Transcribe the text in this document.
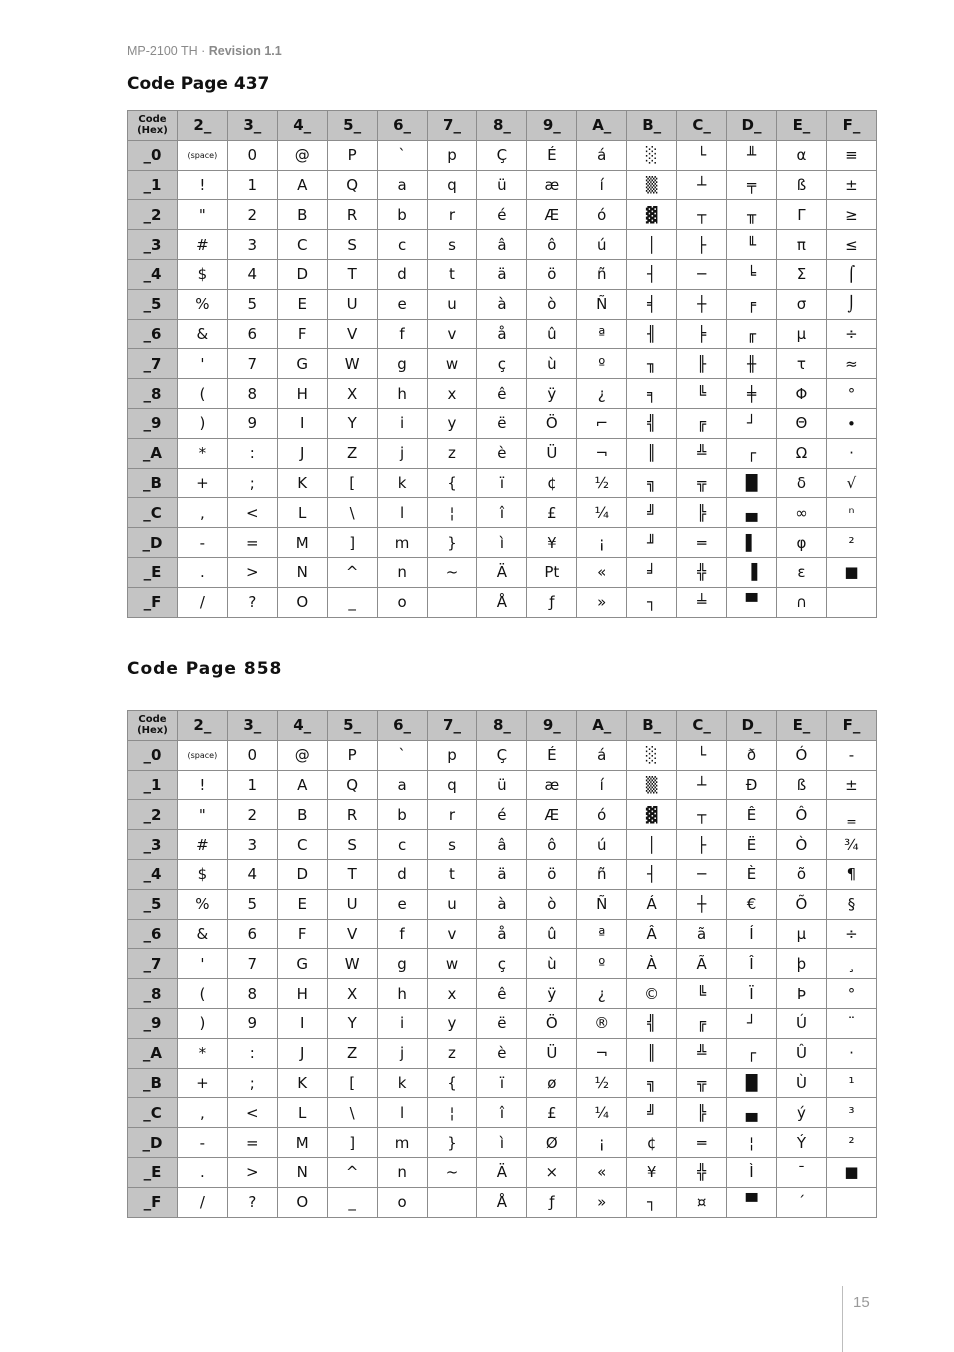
MP-2100 TH · Revision 1.1
Code Page 437
Code
(Hex)	2_	3_	4_	5_	6_	7_	8_	9_	A_	B_	C_	D_	E_	F_
_0	(space)	0	@	P	`	p	Ç	É	á	░	└	╨	α	≡
_1	!	1	A	Q	a	q	ü	æ	í	▒	┴	╤	ß	±
_2	"	2	B	R	b	r	é	Æ	ó	▓	┬	╥	Γ	≥
_3	#	3	C	S	c	s	â	ô	ú	│	├	╙	π	≤
_4	$	4	D	T	d	t	ä	ö	ñ	┤	─	╘	Σ	⌠
_5	%	5	E	U	e	u	à	ò	Ñ	╡	┼	╒	σ	⌡
_6	&	6	F	V	f	v	å	û	ª	╢	╞	╓	µ	÷
_7	'	7	G	W	g	w	ç	ù	º	╖	╟	╫	τ	≈
_8	(	8	H	X	h	x	ê	ÿ	¿	╕	╚	╪	Φ	°
_9	)	9	I	Y	i	y	ë	Ö	⌐	╣	╔	┘	Θ	∙
_A	*	:	J	Z	j	z	è	Ü	¬	║	╩	┌	Ω	·
_B	+	;	K	[	k	{	ï	¢	½	╗	╦	█	δ	√
_C	,	<	L	\	l	¦	î	£	¼	╝	╠	▄	∞	ⁿ
_D	-	=	M	]	m	}	ì	¥	¡	╜	═	▌	φ	²
_E	.	>	N	^	n	~	Ä	Pt	«	╛	╬	▐	ε	■
_F	/	?	O	_	o		Å	ƒ	»	┐	╧	▀	∩	
Code Page 858
Code
(Hex)	2_	3_	4_	5_	6_	7_	8_	9_	A_	B_	C_	D_	E_	F_
_0	(space)	0	@	P	`	p	Ç	É	á	░	└	ð	Ó	-
_1	!	1	A	Q	a	q	ü	æ	í	▒	┴	Ð	ß	±
_2	"	2	B	R	b	r	é	Æ	ó	▓	┬	Ê	Ô	‗
_3	#	3	C	S	c	s	â	ô	ú	│	├	Ë	Ò	¾
_4	$	4	D	T	d	t	ä	ö	ñ	┤	─	È	õ	¶
_5	%	5	E	U	e	u	à	ò	Ñ	Á	┼	€	Õ	§
_6	&	6	F	V	f	v	å	û	ª	Â	ã	Í	µ	÷
_7	'	7	G	W	g	w	ç	ù	º	À	Ã	Î	þ	¸
_8	(	8	H	X	h	x	ê	ÿ	¿	©	╚	Ï	Þ	°
_9	)	9	I	Y	i	y	ë	Ö	®	╣	╔	┘	Ú	¨
_A	*	:	J	Z	j	z	è	Ü	¬	║	╩	┌	Û	·
_B	+	;	K	[	k	{	ï	ø	½	╗	╦	█	Ù	¹
_C	,	<	L	\	l	¦	î	£	¼	╝	╠	▄	ý	³
_D	-	=	M	]	m	}	ì	Ø	¡	¢	═	¦	Ý	²
_E	.	>	N	^	n	~	Ä	×	«	¥	╬	Ì	¯	■
_F	/	?	O	_	o		Å	ƒ	»	┐	¤	▀	´	
15
